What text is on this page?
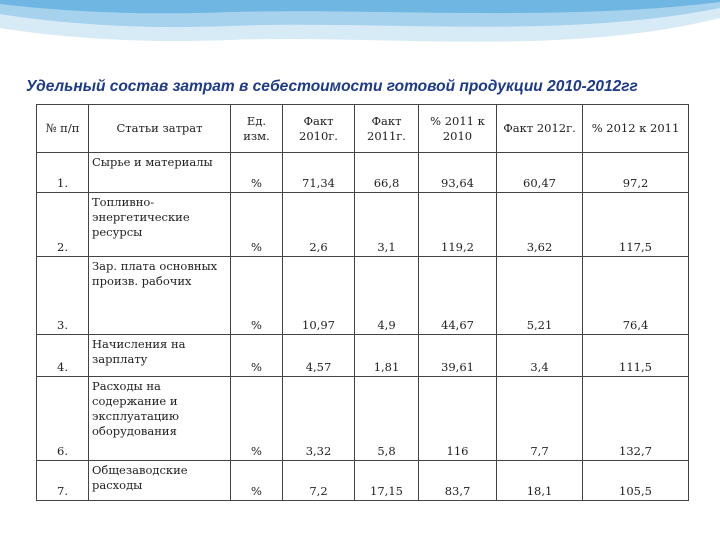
Удельный состав затрат в себестоимости готовой продукции 2010-2012гг
№ п/п	Статьи затрат	Ед. изм.	Факт 2010г.	Факт 2011г.	% 2011 к 2010	Факт 2012г.	% 2012 к 2011
1.	Сырье и материалы	%	71,34	66,8	93,64	60,47	97,2
2.	Топливно-энергетические ресурсы	%	2,6	3,1	119,2	3,62	117,5
3.	Зар. плата основных произв. рабочих	%	10,97	4,9	44,67	5,21	76,4
4.	Начисления на зарплату	%	4,57	1,81	39,61	3,4	111,5
6.	Расходы на содержание и эксплуатацию оборудования	%	3,32	5,8	116	7,7	132,7
7.	Общезаводские расходы	%	7,2	17,15	83,7	18,1	105,5
